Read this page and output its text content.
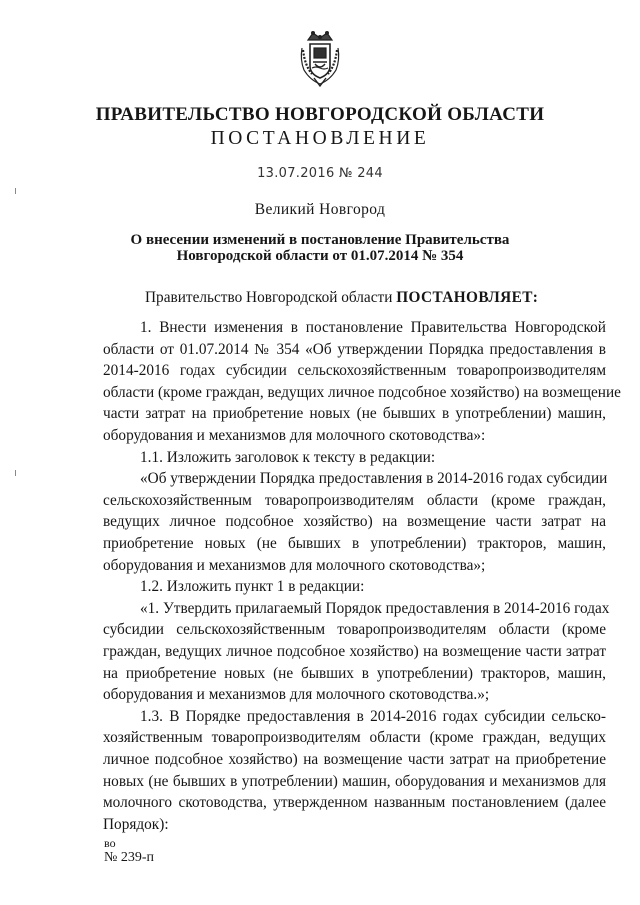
ПРАВИТЕЛЬСТВО НОВГОРОДСКОЙ ОБЛАСТИ
ПОСТАНОВЛЕНИЕ
13.07.2016 № 244
Великий Новгород
О внесении изменений в постановление Правительства
Новгородской области от 01.07.2014 № 354
Правительство Новгородской области ПОСТАНОВЛЯЕТ:
1. Внести изменения в постановление Правительства Новгородской
области от 01.07.2014 № 354 «Об утверждении Порядка предоставления в
2014-2016 годах субсидии сельскохозяйственным товаропроизводителям
области (кроме граждан, ведущих личное подсобное хозяйство) на возмещение
части затрат на приобретение новых (не бывших в употреблении) машин,
оборудования и механизмов для молочного скотоводства»:
1.1. Изложить заголовок к тексту в редакции:
«Об утверждении Порядка предоставления в 2014-2016 годах субсидии
сельскохозяйственным товаропроизводителям области (кроме граждан,
ведущих личное подсобное хозяйство) на возмещение части затрат на
приобретение новых (не бывших в употреблении) тракторов, машин,
оборудования и механизмов для молочного скотоводства»;
1.2. Изложить пункт 1 в редакции:
«1. Утвердить прилагаемый Порядок предоставления в 2014-2016 годах
субсидии сельскохозяйственным товаропроизводителям области (кроме
граждан, ведущих личное подсобное хозяйство) на возмещение части затрат
на приобретение новых (не бывших в употреблении) тракторов, машин,
оборудования и механизмов для молочного скотоводства.»;
1.3. В Порядке предоставления в 2014-2016 годах субсидии сельско-
хозяйственным товаропроизводителям области (кроме граждан, ведущих
личное подсобное хозяйство) на возмещение части затрат на приобретение
новых (не бывших в употреблении) машин, оборудования и механизмов для
молочного скотоводства, утвержденном названным постановлением (далее
Порядок):
во
№ 239-п
